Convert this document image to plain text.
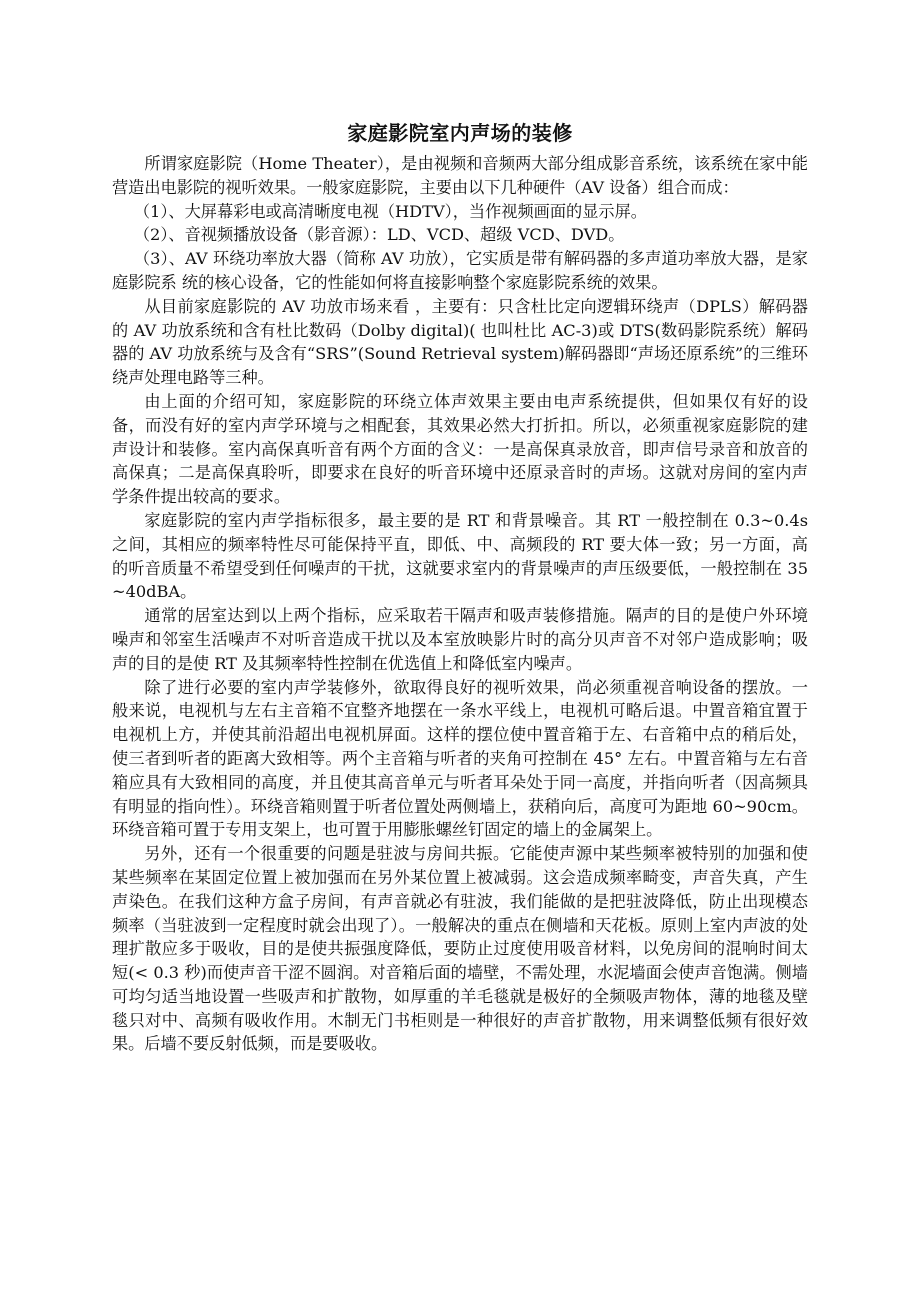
家庭影院室内声场的装修

所谓家庭影院（Home Theater），是由视频和音频两大部分组成影音系统，该系统在家中能营造出电影院的视听效果。一般家庭影院，主要由以下几种硬件（AV 设备）组合而成：

（1）、大屏幕彩电或高清晰度电视（HDTV），当作视频画面的显示屏。

（2）、音视频播放设备（影音源）：LD、VCD、超级 VCD、DVD。

（3）、AV 环绕功率放大器（简称 AV 功放），它实质是带有解码器的多声道功率放大器，是家庭影院系 统的核心设备，它的性能如何将直接影响整个家庭影院系统的效果。

从目前家庭影院的 AV 功放市场来看 ，主要有：只含杜比定向逻辑环绕声（DPLS）解码器的 AV 功放系统和含有杜比数码（Dolby digital)( 也叫杜比 AC-3)或 DTS(数码影院系统）解码器的 AV 功放系统与及含有“SRS”(Sound Retrieval system)解码器即“声场还原系统”的三维环绕声处理电路等三种。

由上面的介绍可知，家庭影院的环绕立体声效果主要由电声系统提供，但如果仅有好的设备，而没有好的室内声学环境与之相配套，其效果必然大打折扣。所以，必须重视家庭影院的建声设计和装修。室内高保真听音有两个方面的含义：一是高保真录放音，即声信号录音和放音的高保真；二是高保真聆听，即要求在良好的听音环境中还原录音时的声场。这就对房间的室内声学条件提出较高的要求。

家庭影院的室内声学指标很多，最主要的是 RT 和背景噪音。其 RT 一般控制在 0.3~0.4s 之间，其相应的频率特性尽可能保持平直，即低、中、高频段的 RT 要大体一致；另一方面，高的听音质量不希望受到任何噪声的干扰，这就要求室内的背景噪声的声压级要低，一般控制在 35~40dBA。

通常的居室达到以上两个指标，应采取若干隔声和吸声装修措施。隔声的目的是使户外环境噪声和邻室生活噪声不对听音造成干扰以及本室放映影片时的高分贝声音不对邻户造成影响；吸声的目的是使 RT 及其频率特性控制在优选值上和降低室内噪声。

除了进行必要的室内声学装修外，欲取得良好的视听效果，尚必须重视音响设备的摆放。一般来说，电视机与左右主音箱不宜整齐地摆在一条水平线上，电视机可略后退。中置音箱宜置于电视机上方，并使其前沿超出电视机屏面。这样的摆位使中置音箱于左、右音箱中点的稍后处，使三者到听者的距离大致相等。两个主音箱与听者的夹角可控制在 45° 左右。中置音箱与左右音箱应具有大致相同的高度，并且使其高音单元与听者耳朵处于同一高度，并指向听者（因高频具有明显的指向性）。环绕音箱则置于听者位置处两侧墙上，获稍向后，高度可为距地 60~90cm。环绕音箱可置于专用支架上，也可置于用膨胀螺丝钉固定的墙上的金属架上。

另外，还有一个很重要的问题是驻波与房间共振。它能使声源中某些频率被特别的加强和使某些频率在某固定位置上被加强而在另外某位置上被减弱。这会造成频率畸变，声音失真，产生声染色。在我们这种方盒子房间，有声音就必有驻波，我们能做的是把驻波降低，防止出现模态频率（当驻波到一定程度时就会出现了）。一般解决的重点在侧墙和天花板。原则上室内声波的处理扩散应多于吸收，目的是使共振强度降低，要防止过度使用吸音材料，以免房间的混响时间太短(< 0.3 秒)而使声音干涩不圆润。对音箱后面的墙壁，不需处理，水泥墙面会使声音饱满。侧墙可均匀适当地设置一些吸声和扩散物，如厚重的羊毛毯就是极好的全频吸声物体，薄的地毯及壁毯只对中、高频有吸收作用。木制无门书柜则是一种很好的声音扩散物，用来调整低频有很好效果。后墙不要反射低频，而是要吸收。
